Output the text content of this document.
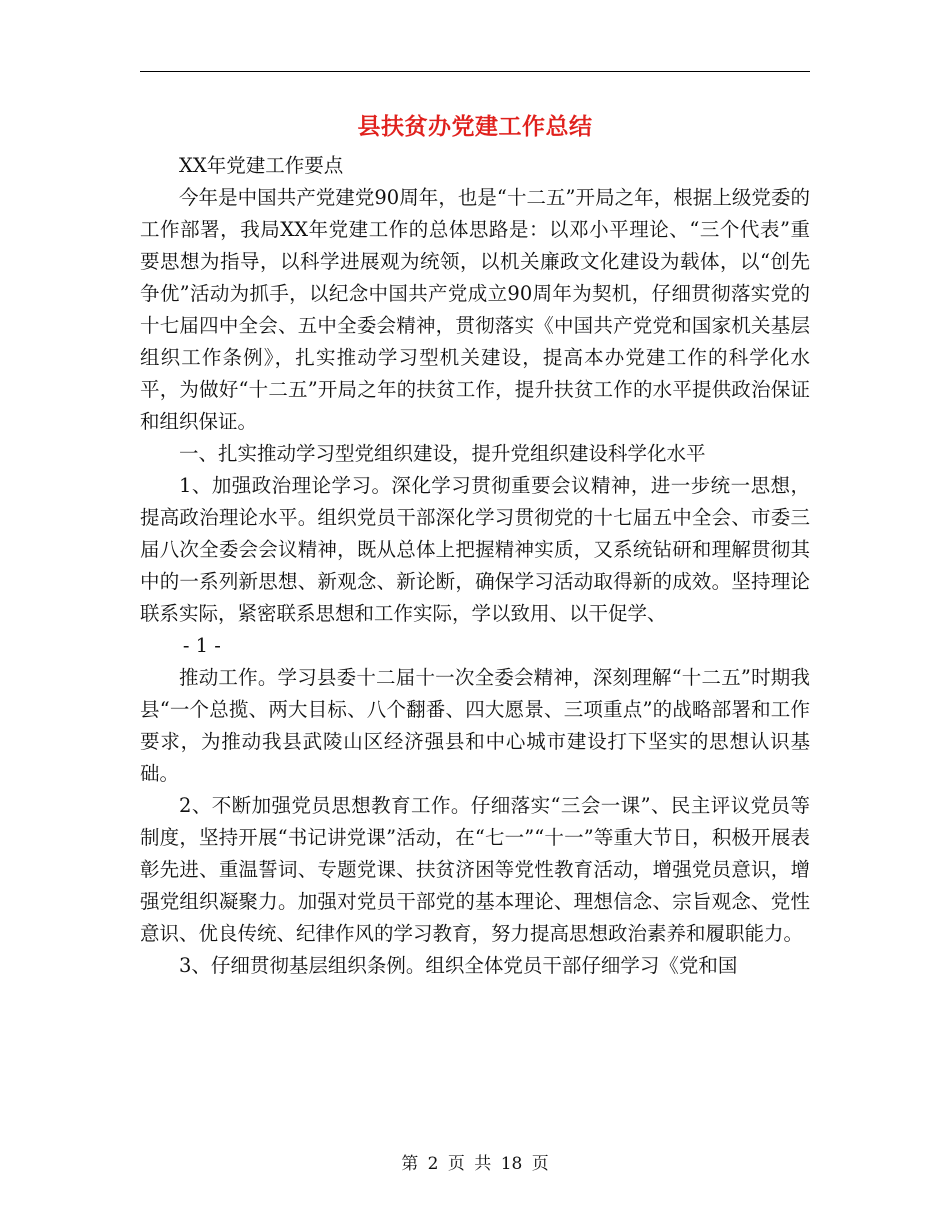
县扶贫办党建工作总结

XX年党建工作要点

今年是中国共产党建党90周年，也是“十二五”开局之年，根据上级党委的工作部署，我局XX年党建工作的总体思路是：以邓小平理论、“三个代表”重要思想为指导，以科学进展观为统领，以机关廉政文化建设为载体，以“创先争优”活动为抓手，以纪念中国共产党成立90周年为契机，仔细贯彻落实党的十七届四中全会、五中全委会精神，贯彻落实《中国共产党党和国家机关基层组织工作条例》，扎实推动学习型机关建设，提高本办党建工作的科学化水平，为做好“十二五”开局之年的扶贫工作，提升扶贫工作的水平提供政治保证和组织保证。

一、扎实推动学习型党组织建设，提升党组织建设科学化水平

1、加强政治理论学习。深化学习贯彻重要会议精神，进一步统一思想，提高政治理论水平。组织党员干部深化学习贯彻党的十七届五中全会、市委三届八次全委会会议精神，既从总体上把握精神实质，又系统钻研和理解贯彻其中的一系列新思想、新观念、新论断，确保学习活动取得新的成效。坚持理论联系实际，紧密联系思想和工作实际，学以致用、以干促学、

- 1 -

推动工作。学习县委十二届十一次全委会精神，深刻理解“十二五”时期我县“一个总揽、两大目标、八个翻番、四大愿景、三项重点”的战略部署和工作要求，为推动我县武陵山区经济强县和中心城市建设打下坚实的思想认识基础。

2、不断加强党员思想教育工作。仔细落实“三会一课”、民主评议党员等制度，坚持开展“书记讲党课”活动，在“七一”“十一”等重大节日，积极开展表彰先进、重温誓词、专题党课、扶贫济困等党性教育活动，增强党员意识，增强党组织凝聚力。加强对党员干部党的基本理论、理想信念、宗旨观念、党性意识、优良传统、纪律作风的学习教育，努力提高思想政治素养和履职能力。

3、仔细贯彻基层组织条例。组织全体党员干部仔细学习《党和国

第 2 页 共 18 页
